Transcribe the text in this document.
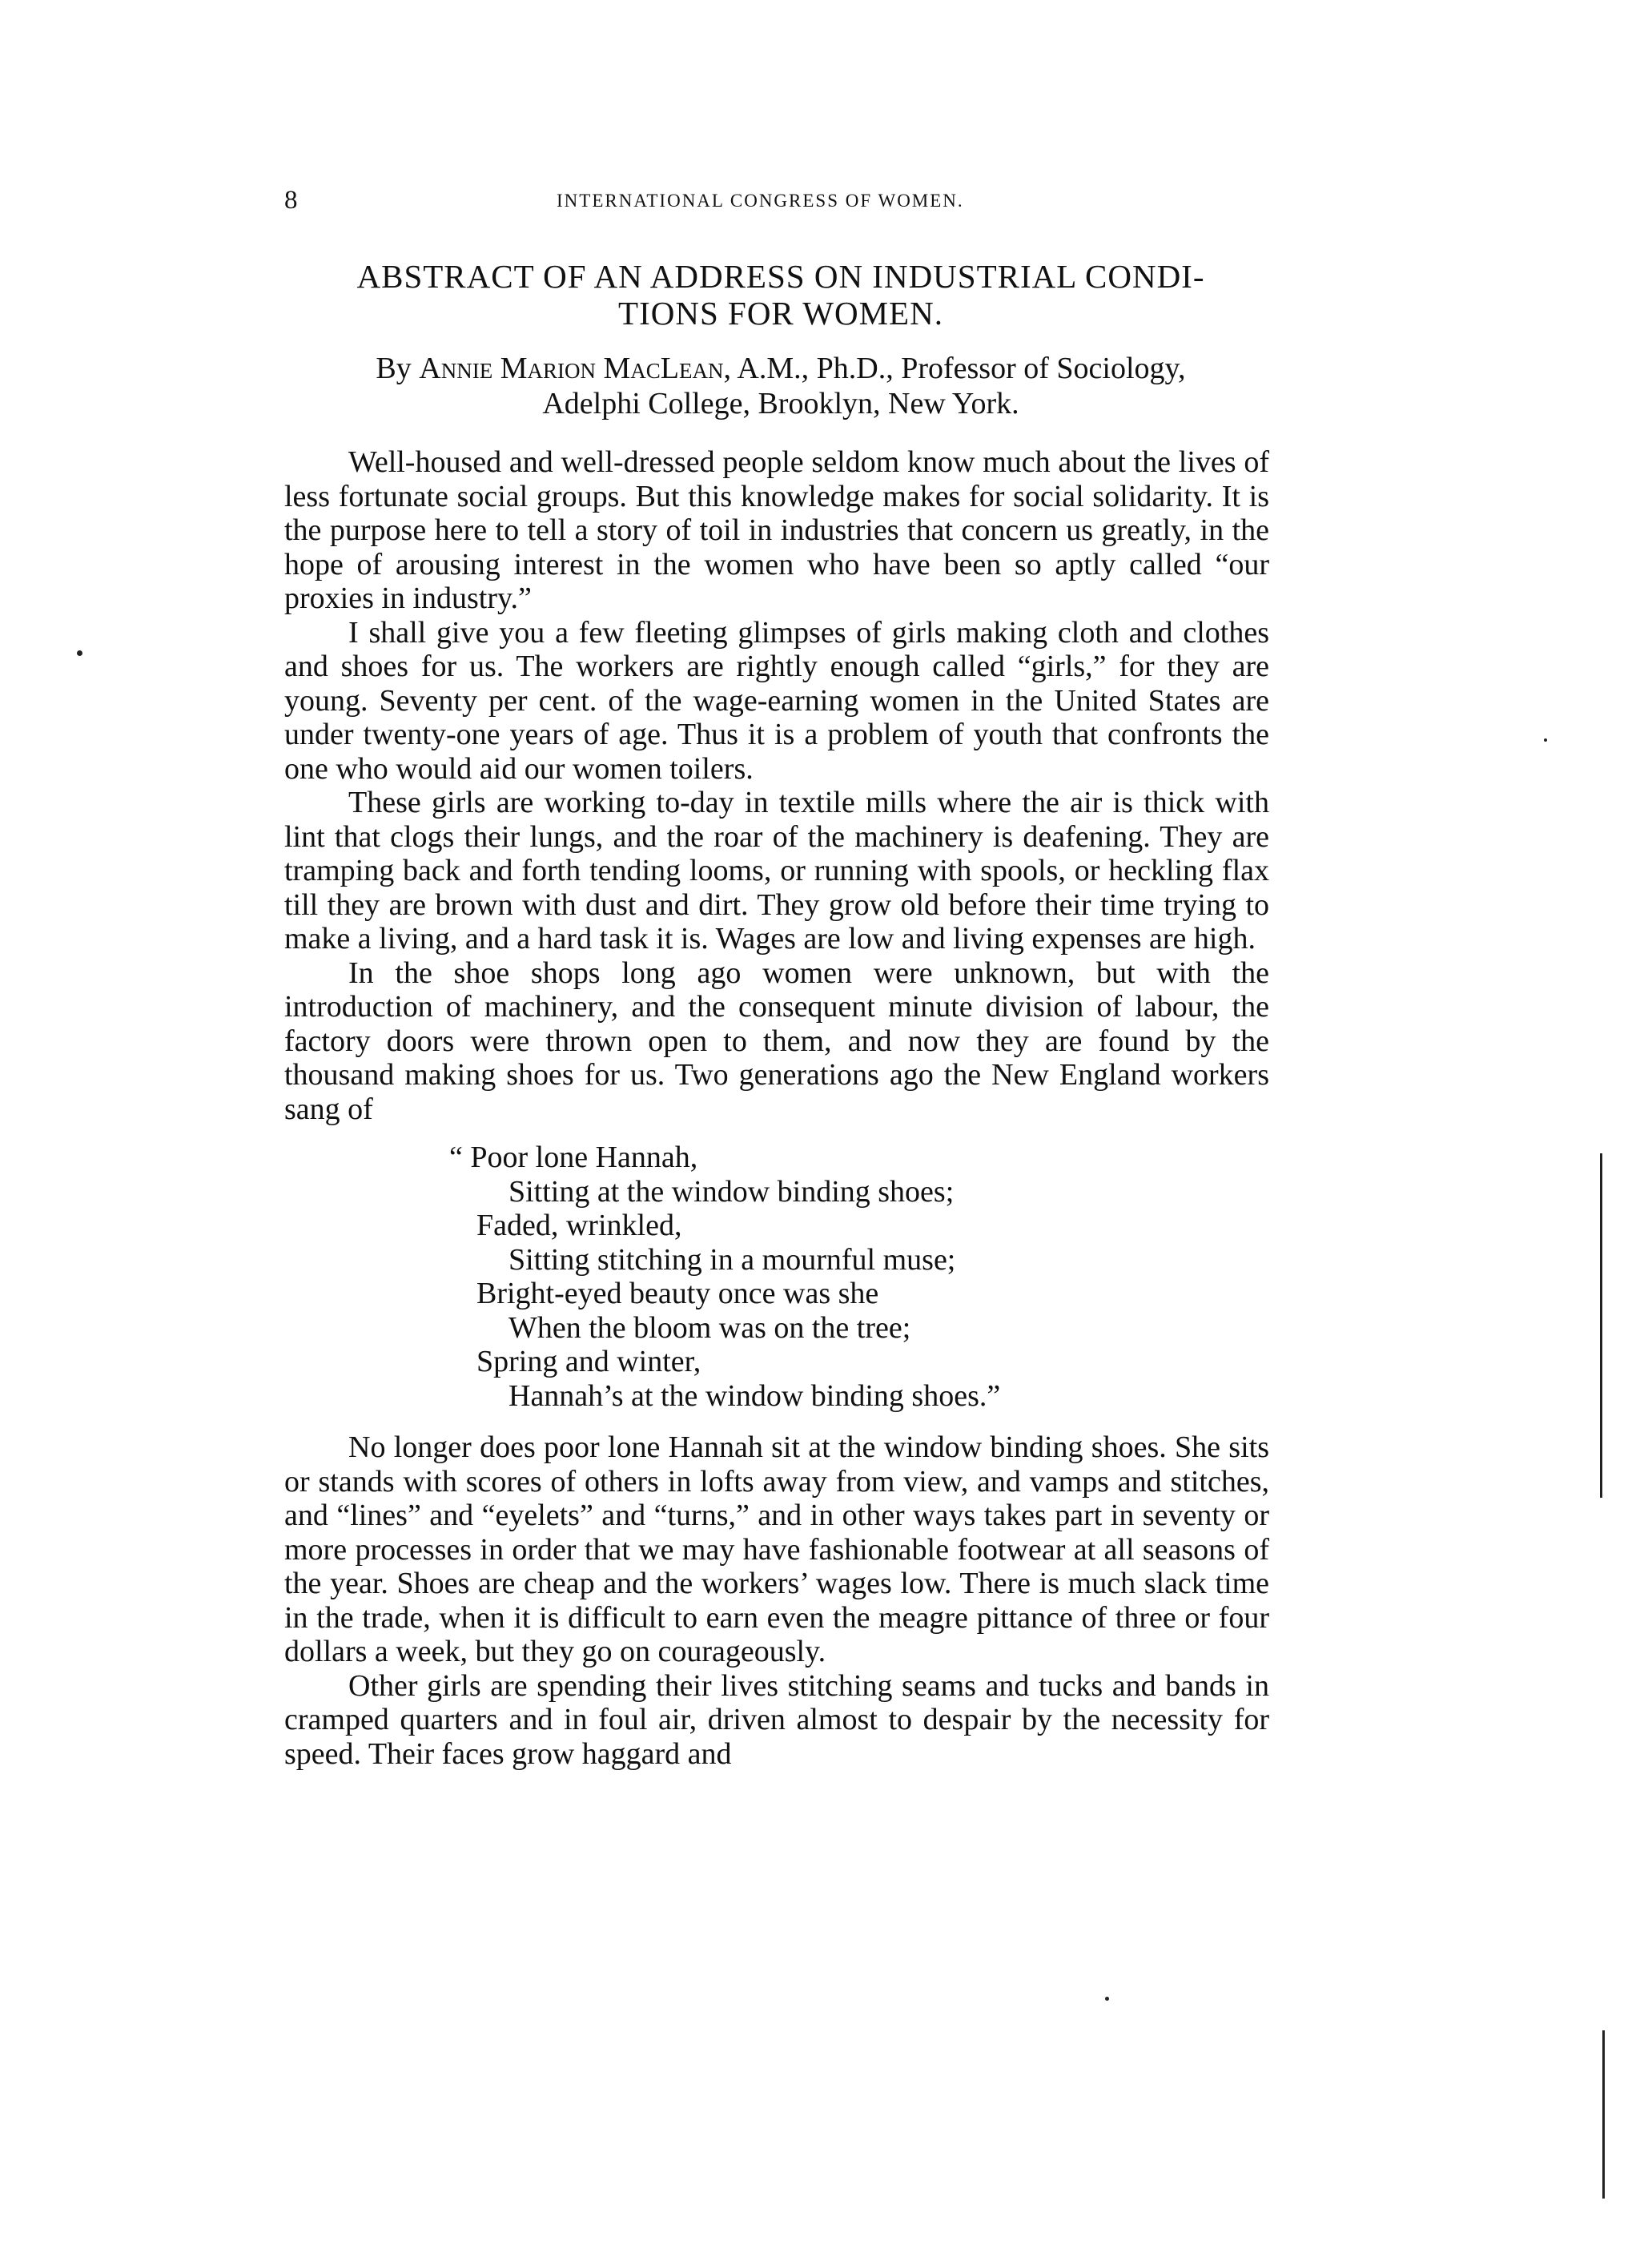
8	INTERNATIONAL CONGRESS OF WOMEN.
ABSTRACT OF AN ADDRESS ON INDUSTRIAL CONDI-
TIONS FOR WOMEN.
By Annie Marion MacLean, A.M., Ph.D., Professor of Sociology,
Adelphi College, Brooklyn, New York.

Well-housed and well-dressed people seldom know much about the lives of less fortunate social groups. But this knowledge makes for social solidarity. It is the purpose here to tell a story of toil in industries that concern us greatly, in the hope of arousing interest in the women who have been so aptly called “our proxies in industry.”

I shall give you a few fleeting glimpses of girls making cloth and clothes and shoes for us. The workers are rightly enough called “girls,” for they are young. Seventy per cent. of the wage-earning women in the United States are under twenty-one years of age. Thus it is a problem of youth that confronts the one who would aid our women toilers.

These girls are working to-day in textile mills where the air is thick with lint that clogs their lungs, and the roar of the machinery is deafening. They are tramping back and forth tending looms, or running with spools, or heckling flax till they are brown with dust and dirt. They grow old before their time trying to make a living, and a hard task it is. Wages are low and living expenses are high.

In the shoe shops long ago women were unknown, but with the introduction of machinery, and the consequent minute division of labour, the factory doors were thrown open to them, and now they are found by the thousand making shoes for us. Two generations ago the New England workers sang of

“ Poor lone Hannah,
Sitting at the window binding shoes;
Faded, wrinkled,
Sitting stitching in a mournful muse;
Bright-eyed beauty once was she
When the bloom was on the tree;
Spring and winter,
Hannah’s at the window binding shoes.”

No longer does poor lone Hannah sit at the window binding shoes. She sits or stands with scores of others in lofts away from view, and vamps and stitches, and “lines” and “eyelets” and “turns,” and in other ways takes part in seventy or more processes in order that we may have fashionable footwear at all seasons of the year. Shoes are cheap and the workers’ wages low. There is much slack time in the trade, when it is difficult to earn even the meagre pittance of three or four dollars a week, but they go on courageously.

Other girls are spending their lives stitching seams and tucks and bands in cramped quarters and in foul air, driven almost to despair by the necessity for speed. Their faces grow haggard and
